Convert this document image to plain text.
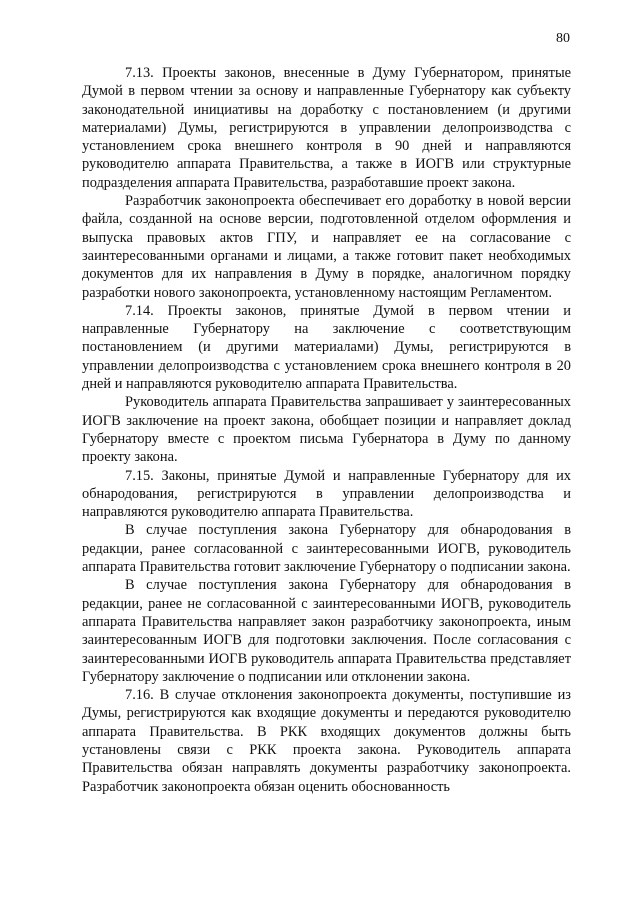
80

7.13. Проекты законов, внесенные в Думу Губернатором, принятые Думой в первом чтении за основу и направленные Губернатору как субъекту законодательной инициативы на доработку с постановлением (и другими материалами) Думы, регистрируются в управлении делопроизводства с установлением срока внешнего контроля в 90 дней и направляются руководителю аппарата Правительства, а также в ИОГВ или структурные подразделения аппарата Правительства, разработавшие проект закона.

Разработчик законопроекта обеспечивает его доработку в новой версии файла, созданной на основе версии, подготовленной отделом оформления и выпуска правовых актов ГПУ, и направляет ее на согласование с заинтересованными органами и лицами, а также готовит пакет необходимых документов для их направления в Думу в порядке, аналогичном порядку разработки нового законопроекта, установленному настоящим Регламентом.

7.14. Проекты законов, принятые Думой в первом чтении и направленные Губернатору на заключение с соответствующим постановлением (и другими материалами) Думы, регистрируются в управлении делопроизводства с установлением срока внешнего контроля в 20 дней и направляются руководителю аппарата Правительства.

Руководитель аппарата Правительства запрашивает у заинтересованных ИОГВ заключение на проект закона, обобщает позиции и направляет доклад Губернатору вместе с проектом письма Губернатора в Думу по данному проекту закона.

7.15. Законы, принятые Думой и направленные Губернатору для их обнародования, регистрируются в управлении делопроизводства и направляются руководителю аппарата Правительства.

В случае поступления закона Губернатору для обнародования в редакции, ранее согласованной с заинтересованными ИОГВ, руководитель аппарата Правительства готовит заключение Губернатору о подписании закона.

В случае поступления закона Губернатору для обнародования в редакции, ранее не согласованной с заинтересованными ИОГВ, руководитель аппарата Правительства направляет закон разработчику законопроекта, иным заинтересованным ИОГВ для подготовки заключения. После согласования с заинтересованными ИОГВ руководитель аппарата Правительства представляет Губернатору заключение о подписании или отклонении закона.

7.16. В случае отклонения законопроекта документы, поступившие из Думы, регистрируются как входящие документы и передаются руководителю аппарата Правительства. В РКК входящих документов должны быть установлены связи с РКК проекта закона. Руководитель аппарата Правительства обязан направлять документы разработчику законопроекта. Разработчик законопроекта обязан оценить обоснованность
